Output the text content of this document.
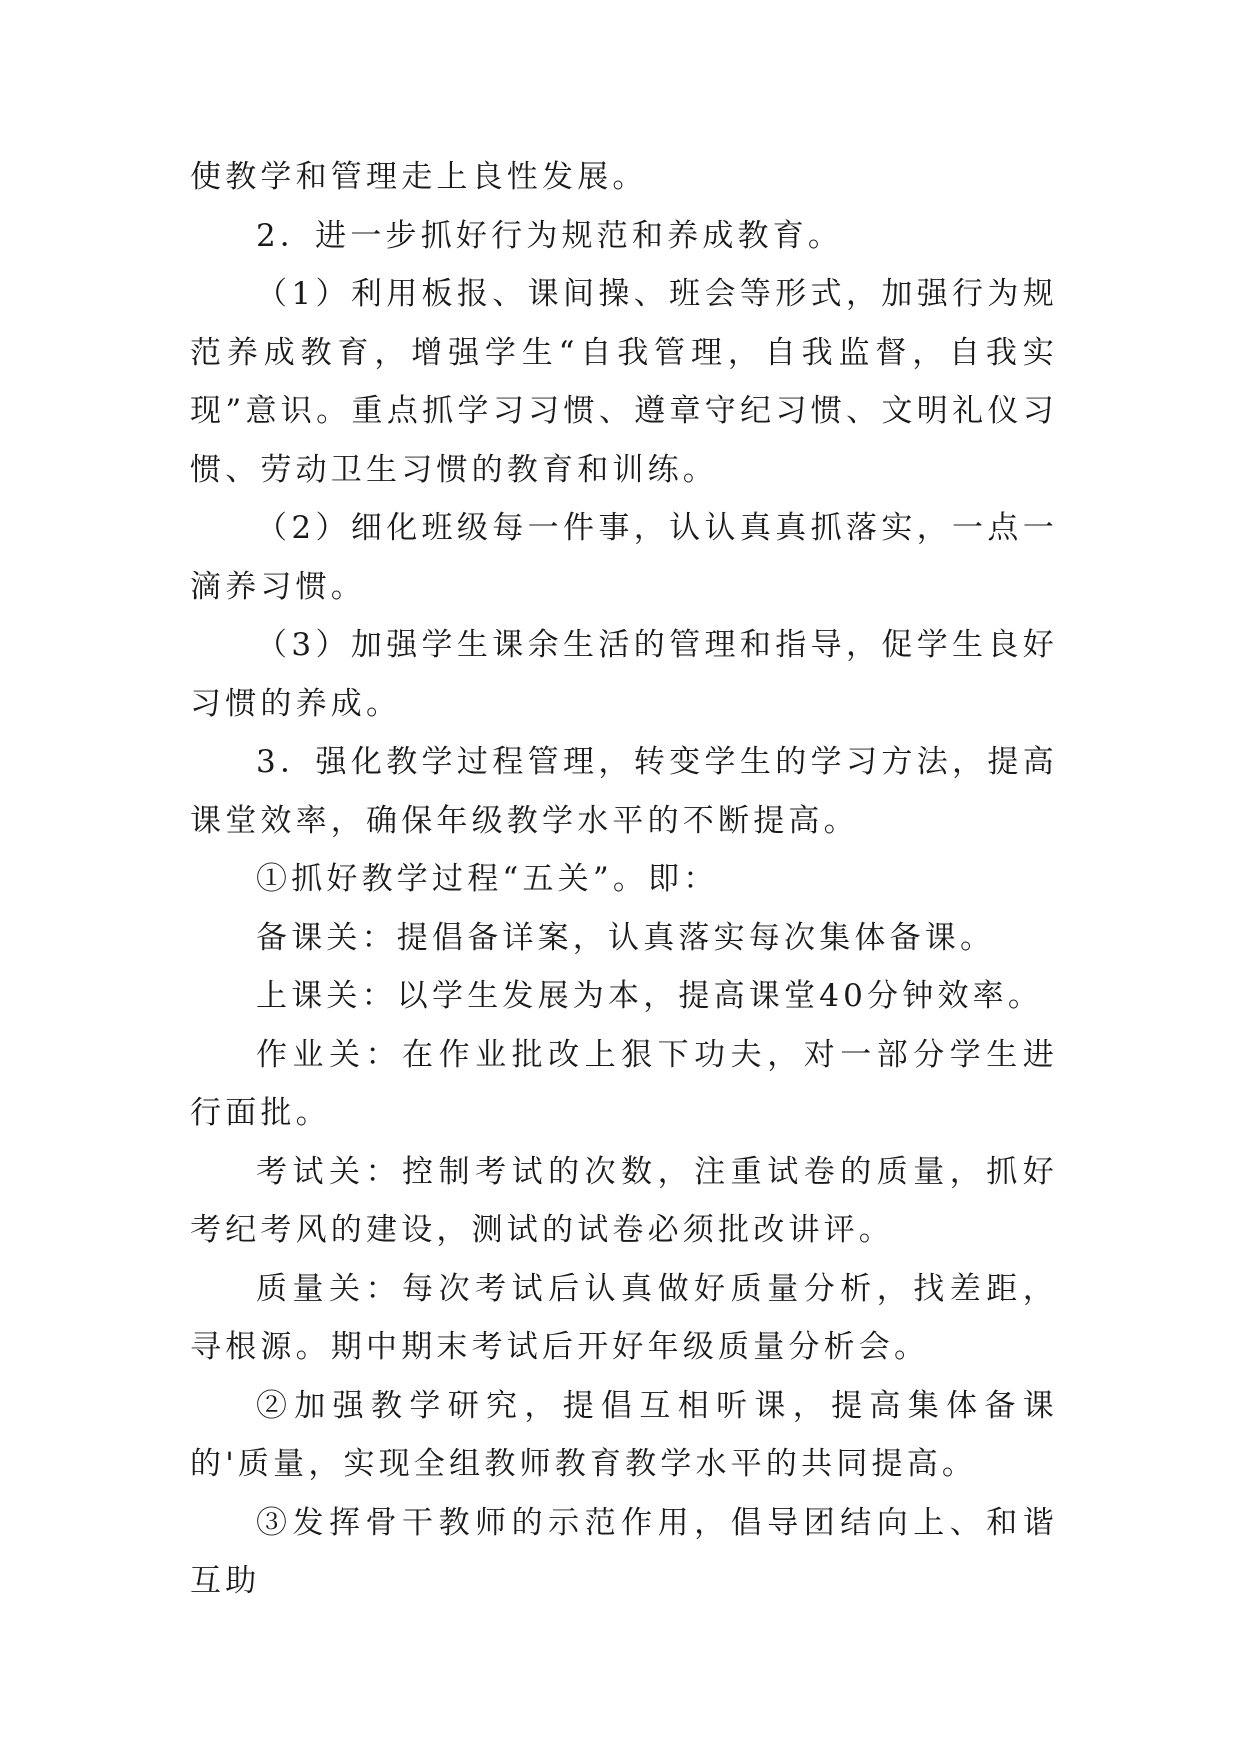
使教学和管理走上良性发展。

2．进一步抓好行为规范和养成教育。

（1）利用板报、课间操、班会等形式，加强行为规范养成教育，增强学生“自我管理，自我监督，自我实现”意识。重点抓学习习惯、遵章守纪习惯、文明礼仪习惯、劳动卫生习惯的教育和训练。

（2）细化班级每一件事，认认真真抓落实，一点一滴养习惯。

（3）加强学生课余生活的管理和指导，促学生良好习惯的养成。

3．强化教学过程管理，转变学生的学习方法，提高课堂效率，确保年级教学水平的不断提高。

①抓好教学过程“五关”。即：

备课关：提倡备详案，认真落实每次集体备课。

上课关：以学生发展为本，提高课堂40分钟效率。

作业关：在作业批改上狠下功夫，对一部分学生进行面批。

考试关：控制考试的次数，注重试卷的质量，抓好考纪考风的建设，测试的试卷必须批改讲评。

质量关：每次考试后认真做好质量分析，找差距，寻根源。期中期末考试后开好年级质量分析会。

②加强教学研究，提倡互相听课，提高集体备课的'质量，实现全组教师教育教学水平的共同提高。

③发挥骨干教师的示范作用，倡导团结向上、和谐互助
